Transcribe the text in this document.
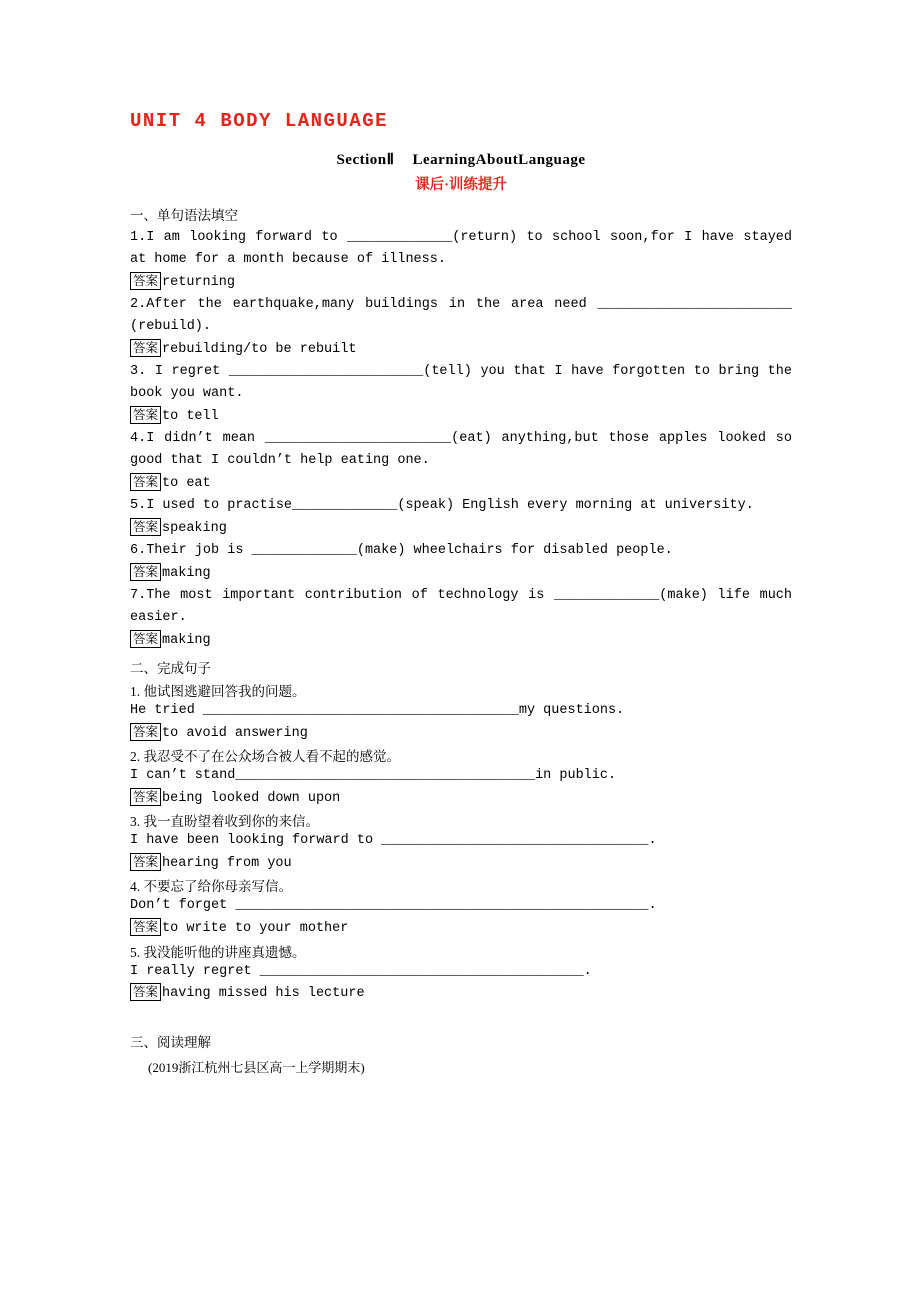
UNIT 4 BODY LANGUAGE
SectionⅡ LearningAboutLanguage
课后·训练提升
一、单句语法填空
1.I am looking forward to _____________(return) to school soon,for I have stayed at home for a month because of illness.
答案 returning
2.After the earthquake,many buildings in the area need ________________________ (rebuild).
答案 rebuilding/to be rebuilt
3. I regret ________________________(tell) you that I have forgotten to bring the book you want.
答案 to tell
4.I didn’t mean _______________________(eat) anything,but those apples looked so good that I couldn’t help eating one.
答案 to eat
5.I used to practise_____________(speak) English every morning at university.
答案 speaking
6.Their job is _____________(make) wheelchairs for disabled people.
答案 making
7.The most important contribution of technology is _____________(make) life much easier.
答案 making
二、完成句子
1. 他试图逃避回答我的问题。
He tried _______________________________________my questions.
答案 to avoid answering
2. 我忍受不了在公众场合被人看不起的感觉。
I can’t stand_____________________________________in public.
答案 being looked down upon
3. 我一直盼望着收到你的来信。
I have been looking forward to _________________________________.
答案 hearing from you
4. 不要忘了给你母亲写信。
Don’t forget ___________________________________________________.
答案 to write to your mother
5. 我没能听他的讲座真遗憾。
I really regret ________________________________________.
答案 having missed his lecture
三、阅读理解
(2019浙江杭州七县区高一上学期期末)
